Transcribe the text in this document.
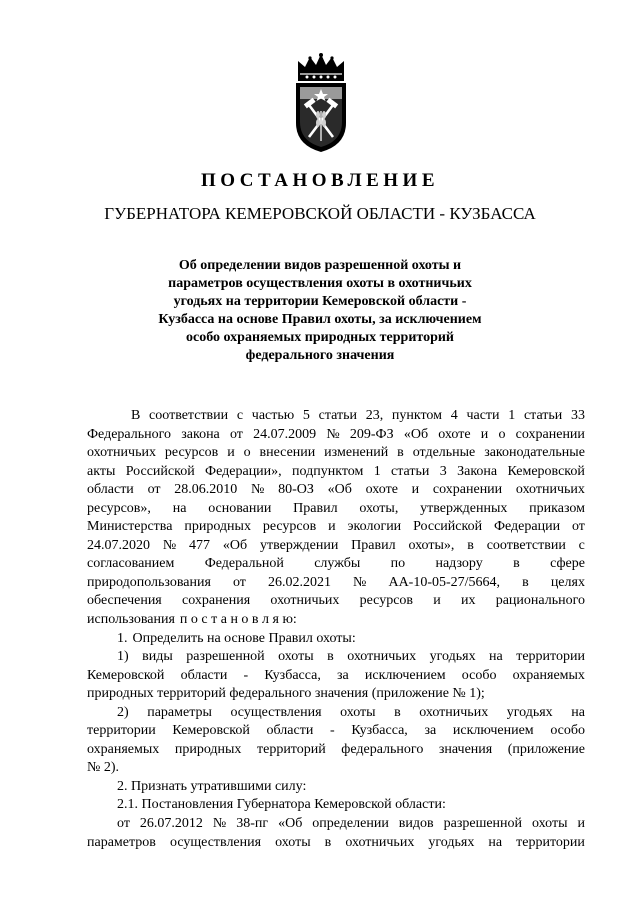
ПОСТАНОВЛЕНИЕ
ГУБЕРНАТОРА КЕМЕРОВСКОЙ ОБЛАСТИ - КУЗБАССА
Об определении видов разрешенной охоты и
параметров осуществления охоты в охотничьих
угодьях на территории Кемеровской области -
Кузбасса на основе Правил охоты, за исключением
особо охраняемых природных территорий
федерального значения
В соответствии с частью 5 статьи 23, пунктом 4 части 1 статьи 33
Федерального закона от 24.07.2009 № 209-ФЗ «Об охоте и о сохранении
охотничьих ресурсов и о внесении изменений в отдельные законодательные
акты Российской Федерации», подпунктом 1 статьи 3 Закона Кемеровской
области от 28.06.2010 № 80-ОЗ «Об охоте и сохранении охотничьих
ресурсов», на основании Правил охоты, утвержденных приказом
Министерства природных ресурсов и экологии Российской Федерации от
24.07.2020 № 477 «Об утверждении Правил охоты», в соответствии с
согласованием Федеральной службы по надзору в сфере
природопользования от 26.02.2021 № АА-10-05-27/5664, в целях
обеспечения сохранения охотничьих ресурсов и их рационального
использования п о с т а н о в л я ю:
1. Определить на основе Правил охоты:
1) виды разрешенной охоты в охотничьих угодьях на территории
Кемеровской области - Кузбасса, за исключением особо охраняемых
природных территорий федерального значения (приложение № 1);
2) параметры осуществления охоты в охотничьих угодьях на
территории Кемеровской области - Кузбасса, за исключением особо
охраняемых природных территорий федерального значения (приложение
№ 2).
2. Признать утратившими силу:
2.1. Постановления Губернатора Кемеровской области:
от 26.07.2012 № 38-пг «Об определении видов разрешенной охоты и
параметров осуществления охоты в охотничьих угодьях на территории
